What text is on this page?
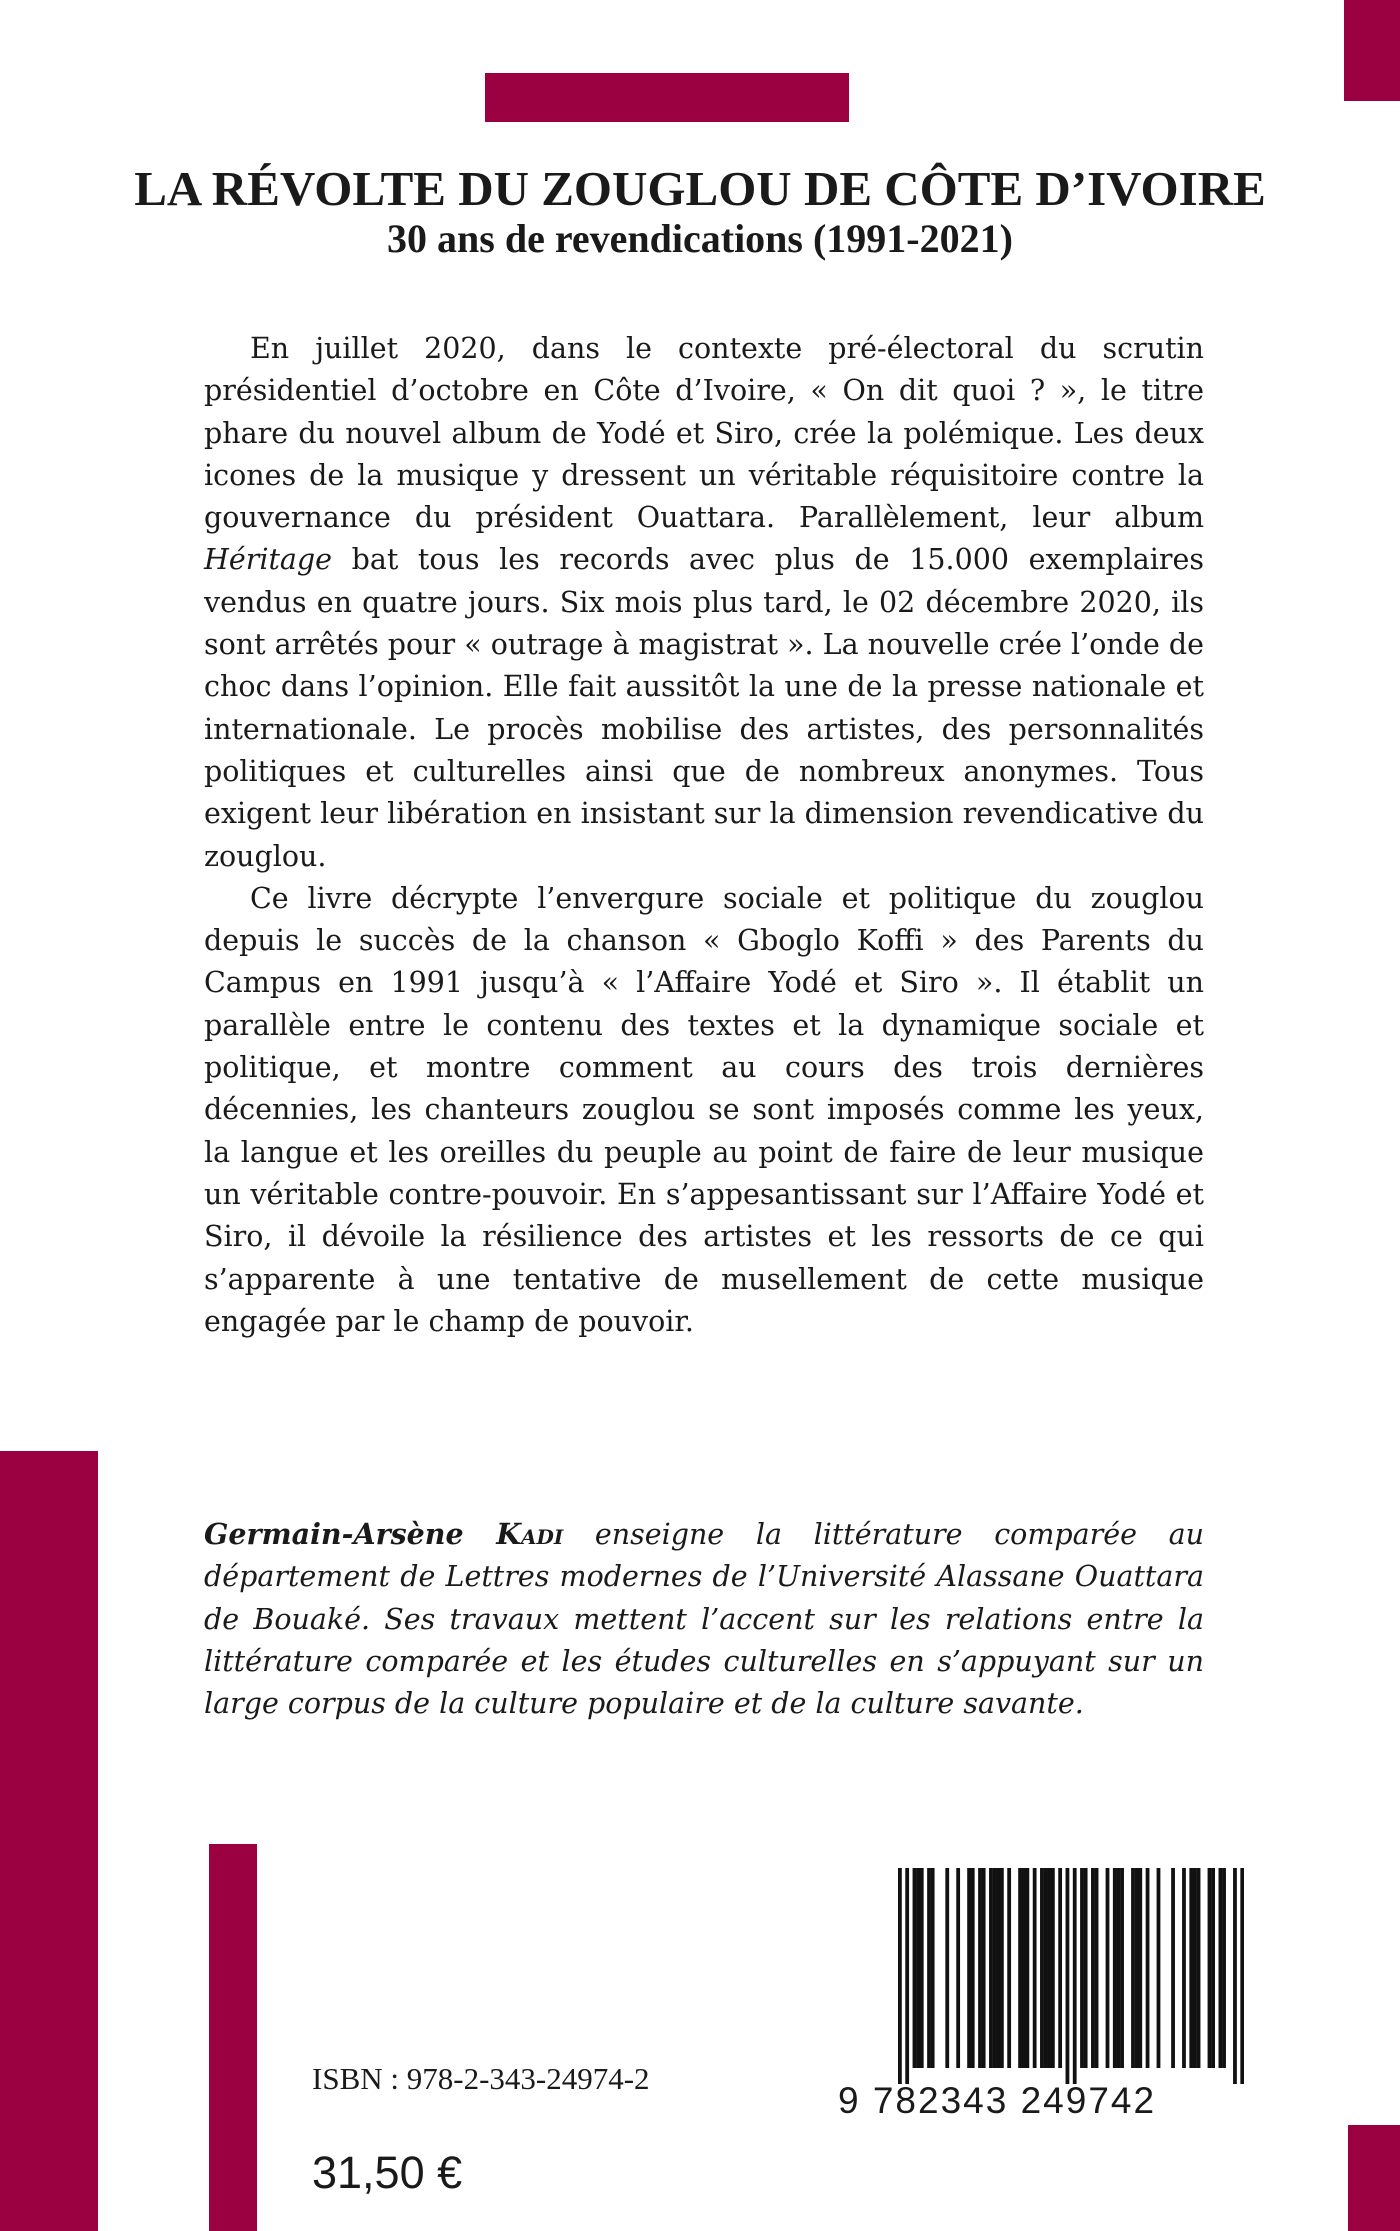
LA RÉVOLTE DU ZOUGLOU DE CÔTE D’IVOIRE
30 ans de revendications (1991-2021)

En juillet 2020, dans le contexte pré-électoral du scrutin présidentiel d’octobre en Côte d’Ivoire, « On dit quoi ? », le titre phare du nouvel album de Yodé et Siro, crée la polémique. Les deux icones de la musique y dressent un véritable réquisitoire contre la gouvernance du président Ouattara. Parallèlement, leur album Héritage bat tous les records avec plus de 15.000 exemplaires vendus en quatre jours. Six mois plus tard, le 02 décembre 2020, ils sont arrêtés pour « outrage à magistrat ». La nouvelle crée l’onde de choc dans l’opinion. Elle fait aussitôt la une de la presse nationale et internationale. Le procès mobilise des artistes, des personnalités politiques et culturelles ainsi que de nombreux anonymes. Tous exigent leur libération en insistant sur la dimension revendicative du zouglou.

Ce livre décrypte l’envergure sociale et politique du zouglou depuis le succès de la chanson « Gboglo Koffi » des Parents du Campus en 1991 jusqu’à « l’Affaire Yodé et Siro ». Il établit un parallèle entre le contenu des textes et la dynamique sociale et politique, et montre comment au cours des trois dernières décennies, les chanteurs zouglou se sont imposés comme les yeux, la langue et les oreilles du peuple au point de faire de leur musique un véritable contre-pouvoir. En s’appesantissant sur l’Affaire Yodé et Siro, il dévoile la résilience des artistes et les ressorts de ce qui s’apparente à une tentative de musellement de cette musique engagée par le champ de pouvoir.

Germain-Arsène Kadi enseigne la littérature comparée au département de Lettres modernes de l’Université Alassane Ouattara de Bouaké. Ses travaux mettent l’accent sur les relations entre la littérature comparée et les études culturelles en s’appuyant sur un large corpus de la culture populaire et de la culture savante.
ISBN : 978-2-343-24974-2
31,50 €
9 782343 249742
